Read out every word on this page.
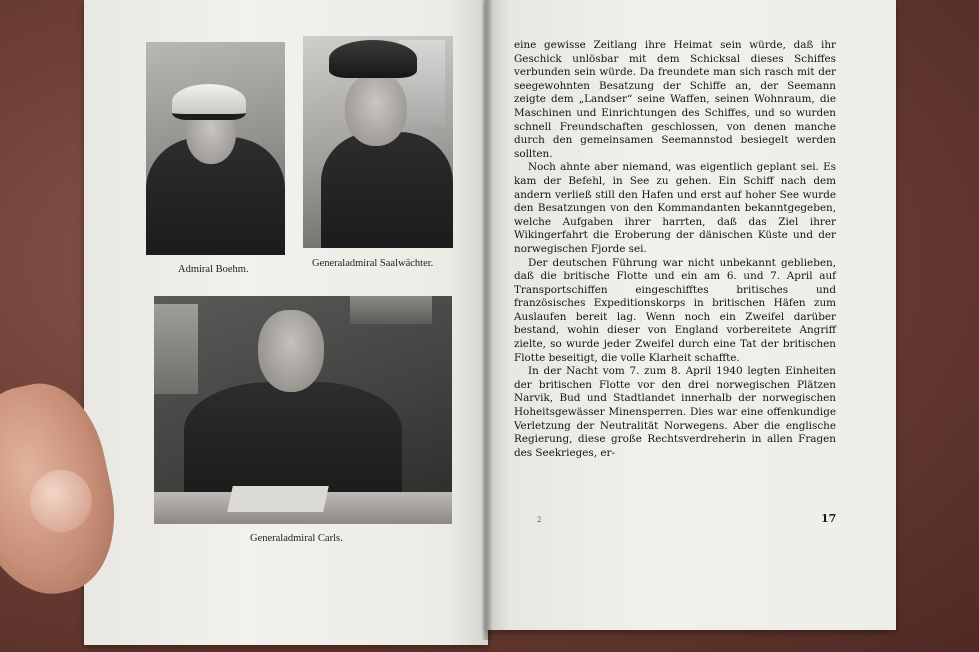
Admiral Boehm.
Generaladmiral Saalwächter.
Generaladmiral Carls.

eine gewisse Zeitlang ihre Heimat sein würde, daß ihr Geschick unlösbar mit dem Schicksal dieses Schiffes verbunden sein würde. Da freundete man sich rasch mit der seegewohnten Besatzung der Schiffe an, der Seemann zeigte dem „Landser“ seine Waffen, seinen Wohnraum, die Maschinen und Einrichtungen des Schiffes, und so wurden schnell Freundschaften geschlossen, von denen manche durch den gemeinsamen Seemannstod besiegelt werden sollten.

Noch ahnte aber niemand, was eigentlich geplant sei. Es kam der Befehl, in See zu gehen. Ein Schiff nach dem andern verließ still den Hafen und erst auf hoher See wurde den Besatzungen von den Kommandanten bekanntgegeben, welche Aufgaben ihrer harrten, daß das Ziel ihrer Wikingerfahrt die Eroberung der dänischen Küste und der norwegischen Fjorde sei.

Der deutschen Führung war nicht unbekannt geblieben, daß die britische Flotte und ein am 6. und 7. April auf Transportschiffen eingeschifftes britisches und französisches Expeditionskorps in britischen Häfen zum Auslaufen bereit lag. Wenn noch ein Zweifel darüber bestand, wohin dieser von England vorbereitete Angriff zielte, so wurde jeder Zweifel durch eine Tat der britischen Flotte beseitigt, die volle Klarheit schaffte.

In der Nacht vom 7. zum 8. April 1940 legten Einheiten der britischen Flotte vor den drei norwegischen Plätzen Narvik, Bud und Stadtlandet innerhalb der norwegischen Hoheitsgewässer Minensperren. Dies war eine offenkundige Verletzung der Neutralität Norwegens. Aber die englische Regierung, diese große Rechtsverdreherin in allen Fragen des Seekrieges, er-

2	17
